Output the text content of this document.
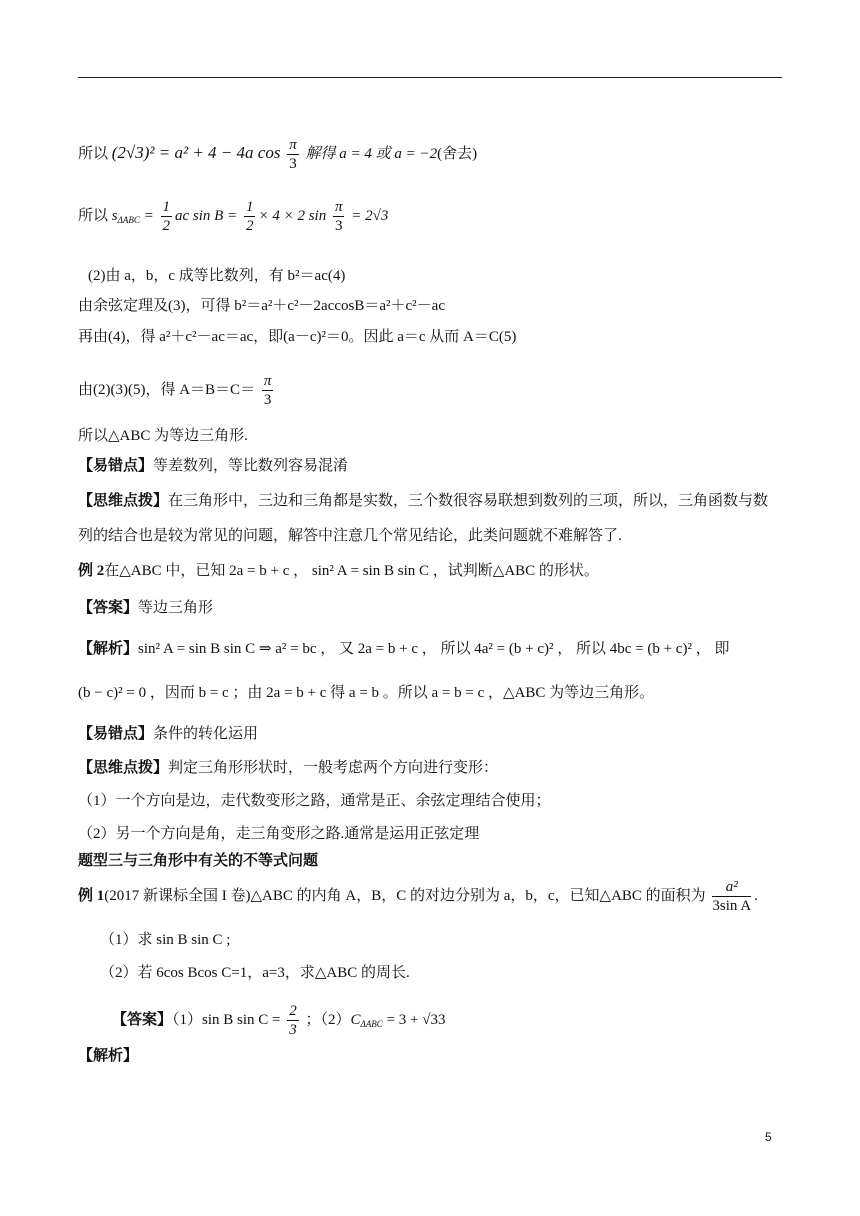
所以 (2√3)² = a² + 4 − 4a $\cos \frac{\pi}{3}$ 解得 a = 4 或 a = −2(舍去)
所以 $s_{\Delta ABC} = \frac{1}{2}$ ac $\sin B = \frac{1}{2} \times 4 \times 2$ $\sin \frac{\pi}{3} = 2√3$
(2)由 a，b，c 成等比数列，有 b²＝ac(4)
由余弦定理及(3)，可得 b²＝a²＋c²－2accosB＝a²＋c²－ac
再由(4)，得 a²＋c²－ac＝ac，即(a－c)²＝0。因此 a＝c 从而 A＝C(5)
由(2)(3)(5)，得 $A=B=C= \frac{\pi}{3}$
所以△ABC 为等边三角形.
【易错点】等差数列，等比数列容易混淆
【思维点拨】在三角形中，三边和三角都是实数，三个数很容易联想到数列的三项，所以，三角函数与数
列的结合也是较为常见的问题，解答中注意几个常见结论，此类问题就不难解答了.
例 2在△ABC 中，已知 2a = b + c ， sin² A = sin B sin C ，试判断△ABC 的形状。
【答案】等边三角形
【解析】sin² A = sin B sin C ⇒ a² = bc ， 又 2a = b + c ， 所以 4a² = (b + c)² ， 所以 4bc = (b + c)² ， 即
(b − c)² = 0 ，因而 b = c ；由 2a = b + c 得 a = b 。所以 a = b = c ，△ABC 为等边三角形。
【易错点】条件的转化运用
【思维点拨】判定三角形形状时，一般考虑两个方向进行变形：
（1）一个方向是边，走代数变形之路，通常是正、余弦定理结合使用；
（2）另一个方向是角，走三角变形之路.通常是运用正弦定理
题型三与三角形中有关的不等式问题
例 1(2017 新课标全国 I 卷)△ABC 的内角 A，B，C 的对边分别为 a，b，c，已知△ABC 的面积为 $\frac{\text{a²}}{\text{3sin A}}$ .
（1）求 sin B sin C ;
（2）若 6cos Bcos C=1，a=3，求△ABC 的周长.
【答案】（1）sin B $\sin C = \frac{2}{3}$ ；$(2)C_{\Delta ABC} = 3 + √33$
【解析】
5
